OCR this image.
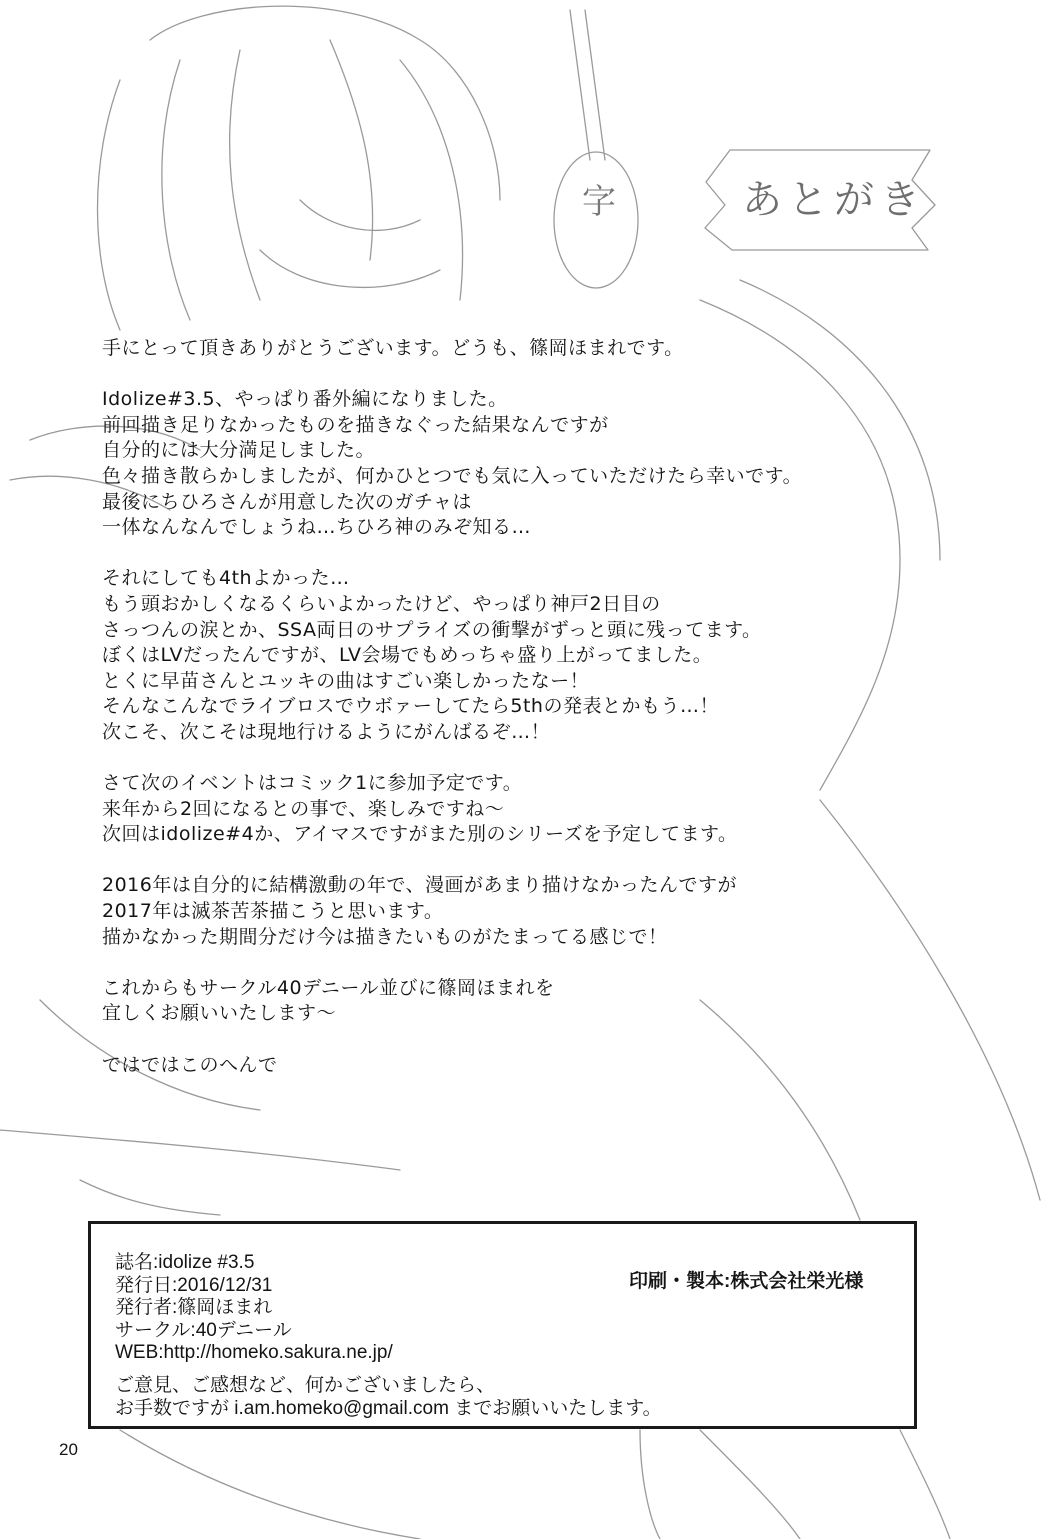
字	あとがき

手にとって頂きありがとうございます。どうも、篠岡ほまれです。

Idolize#3.5、やっぱり番外編になりました。
前回描き足りなかったものを描きなぐった結果なんですが
自分的には大分満足しました。
色々描き散らかしましたが、何かひとつでも気に入っていただけたら幸いです。
最後にちひろさんが用意した次のガチャは
一体なんなんでしょうね…ちひろ神のみぞ知る…

それにしても4thよかった…
もう頭おかしくなるくらいよかったけど、やっぱり神戸2日目の
さっつんの涙とか、SSA両日のサプライズの衝撃がずっと頭に残ってます。
ぼくはLVだったんですが、LV会場でもめっちゃ盛り上がってました。
とくに早苗さんとユッキの曲はすごい楽しかったなー！
そんなこんなでライブロスでウボァーしてたら5thの発表とかもう…！
次こそ、次こそは現地行けるようにがんばるぞ…！

さて次のイベントはコミック1に参加予定です。
来年から2回になるとの事で、楽しみですね～
次回はidolize#4か、アイマスですがまた別のシリーズを予定してます。

2016年は自分的に結構激動の年で、漫画があまり描けなかったんですが
2017年は滅茶苦茶描こうと思います。
描かなかった期間分だけ今は描きたいものがたまってる感じで！

これからもサークル40デニール並びに篠岡ほまれを
宜しくお願いいたします～

ではではこのへんで

誌名:idolize #3.5
発行日:2016/12/31
発行者:篠岡ほまれ
サークル:40デニール
WEB:http://homeko.sakura.ne.jp/
ご意見、ご感想など、何かございましたら、
お手数ですが i.am.homeko@gmail.com までお願いいたします。
印刷・製本:株式会社栄光様
20
